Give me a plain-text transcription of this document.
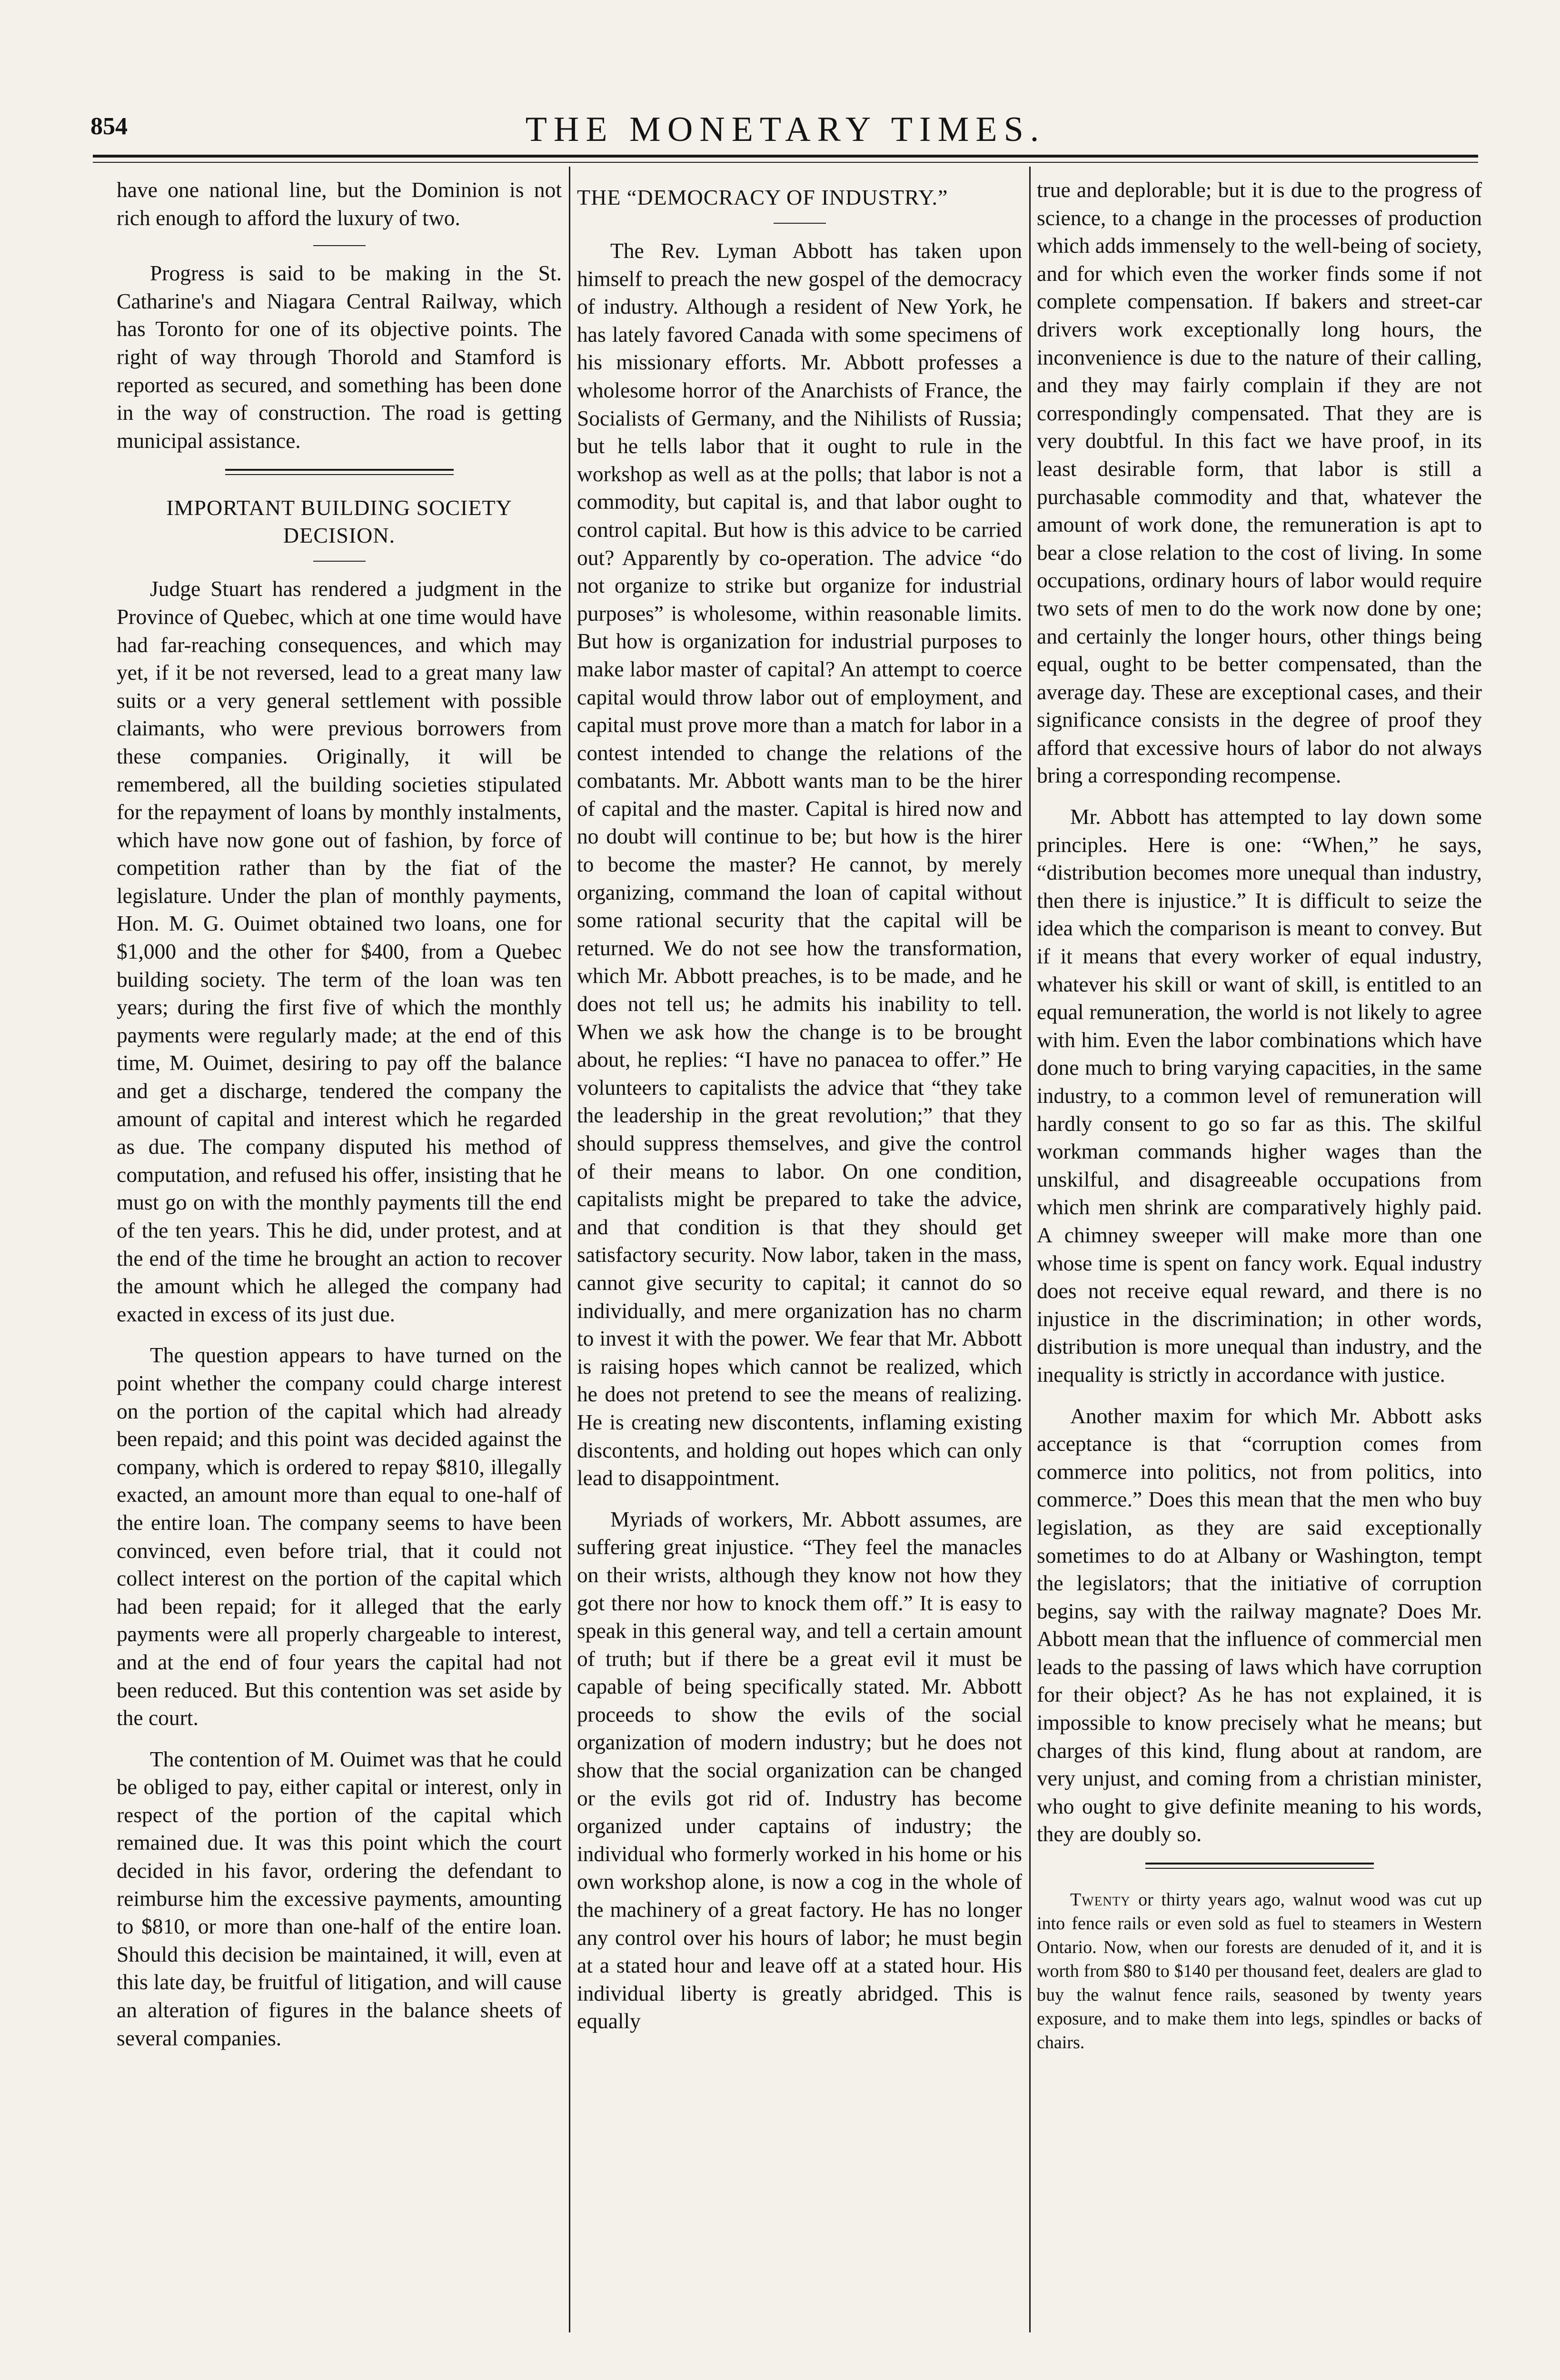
854	THE MONETARY TIMES.

have one national line, but the Dominion is not rich enough to afford the luxury of two.

Progress is said to be making in the St. Catharine's and Niagara Central Railway, which has Toronto for one of its objective points. The right of way through Thorold and Stamford is reported as secured, and something has been done in the way of construction. The road is getting municipal assistance.

IMPORTANT BUILDING SOCIETY DECISION.

Judge Stuart has rendered a judgment in the Province of Quebec, which at one time would have had far-reaching consequences, and which may yet, if it be not reversed, lead to a great many law suits or a very general settlement with possible claimants, who were previous borrowers from these companies. Originally, it will be remembered, all the building societies stipulated for the repayment of loans by monthly instalments, which have now gone out of fashion, by force of competition rather than by the fiat of the legislature. Under the plan of monthly payments, Hon. M. G. Ouimet obtained two loans, one for $1,000 and the other for $400, from a Quebec building society. The term of the loan was ten years; during the first five of which the monthly payments were regularly made; at the end of this time, M. Ouimet, desiring to pay off the balance and get a discharge, tendered the company the amount of capital and interest which he regarded as due. The company disputed his method of computation, and refused his offer, insisting that he must go on with the monthly payments till the end of the ten years. This he did, under protest, and at the end of the time he brought an action to recover the amount which he alleged the company had exacted in excess of its just due.

The question appears to have turned on the point whether the company could charge interest on the portion of the capital which had already been repaid; and this point was decided against the company, which is ordered to repay $810, illegally exacted, an amount more than equal to one-half of the entire loan. The company seems to have been convinced, even before trial, that it could not collect interest on the portion of the capital which had been repaid; for it alleged that the early payments were all properly chargeable to interest, and at the end of four years the capital had not been reduced. But this contention was set aside by the court.

The contention of M. Ouimet was that he could be obliged to pay, either capital or interest, only in respect of the portion of the capital which remained due. It was this point which the court decided in his favor, ordering the defendant to reimburse him the excessive payments, amounting to $810, or more than one-half of the entire loan. Should this decision be maintained, it will, even at this late day, be fruitful of litigation, and will cause an alteration of figures in the balance sheets of several companies.

THE “DEMOCRACY OF INDUSTRY.”

The Rev. Lyman Abbott has taken upon himself to preach the new gospel of the democracy of industry. Although a resident of New York, he has lately favored Canada with some specimens of his missionary efforts. Mr. Abbott professes a wholesome horror of the Anarchists of France, the Socialists of Germany, and the Nihilists of Russia; but he tells labor that it ought to rule in the workshop as well as at the polls; that labor is not a commodity, but capital is, and that labor ought to control capital. But how is this advice to be carried out? Apparently by co-operation. The advice “do not organize to strike but organize for industrial purposes” is wholesome, within reasonable limits. But how is organization for industrial purposes to make labor master of capital? An attempt to coerce capital would throw labor out of employment, and capital must prove more than a match for labor in a contest intended to change the relations of the combatants. Mr. Abbott wants man to be the hirer of capital and the master. Capital is hired now and no doubt will continue to be; but how is the hirer to become the master? He cannot, by merely organizing, command the loan of capital without some rational security that the capital will be returned. We do not see how the transformation, which Mr. Abbott preaches, is to be made, and he does not tell us; he admits his inability to tell. When we ask how the change is to be brought about, he replies: “I have no panacea to offer.” He volunteers to capitalists the advice that “they take the leadership in the great revolution;” that they should suppress themselves, and give the control of their means to labor. On one condition, capitalists might be prepared to take the advice, and that condition is that they should get satisfactory security. Now labor, taken in the mass, cannot give security to capital; it cannot do so individually, and mere organization has no charm to invest it with the power. We fear that Mr. Abbott is raising hopes which cannot be realized, which he does not pretend to see the means of realizing. He is creating new discontents, inflaming existing discontents, and holding out hopes which can only lead to disappointment.

Myriads of workers, Mr. Abbott assumes, are suffering great injustice. “They feel the manacles on their wrists, although they know not how they got there nor how to knock them off.” It is easy to speak in this general way, and tell a certain amount of truth; but if there be a great evil it must be capable of being specifically stated. Mr. Abbott proceeds to show the evils of the social organization of modern industry; but he does not show that the social organization can be changed or the evils got rid of. Industry has become organized under captains of industry; the individual who formerly worked in his home or his own workshop alone, is now a cog in the whole of the machinery of a great factory. He has no longer any control over his hours of labor; he must begin at a stated hour and leave off at a stated hour. His individual liberty is greatly abridged. This is equally

true and deplorable; but it is due to the progress of science, to a change in the processes of production which adds immensely to the well-being of society, and for which even the worker finds some if not complete compensation. If bakers and street-car drivers work exceptionally long hours, the inconvenience is due to the nature of their calling, and they may fairly complain if they are not correspondingly compensated. That they are is very doubtful. In this fact we have proof, in its least desirable form, that labor is still a purchasable commodity and that, whatever the amount of work done, the remuneration is apt to bear a close relation to the cost of living. In some occupations, ordinary hours of labor would require two sets of men to do the work now done by one; and certainly the longer hours, other things being equal, ought to be better compensated, than the average day. These are exceptional cases, and their significance consists in the degree of proof they afford that excessive hours of labor do not always bring a corresponding recompense.

Mr. Abbott has attempted to lay down some principles. Here is one: “When,” he says, “distribution becomes more unequal than industry, then there is injustice.” It is difficult to seize the idea which the comparison is meant to convey. But if it means that every worker of equal industry, whatever his skill or want of skill, is entitled to an equal remuneration, the world is not likely to agree with him. Even the labor combinations which have done much to bring varying capacities, in the same industry, to a common level of remuneration will hardly consent to go so far as this. The skilful workman commands higher wages than the unskilful, and disagreeable occupations from which men shrink are comparatively highly paid. A chimney sweeper will make more than one whose time is spent on fancy work. Equal industry does not receive equal reward, and there is no injustice in the discrimination; in other words, distribution is more unequal than industry, and the inequality is strictly in accordance with justice.

Another maxim for which Mr. Abbott asks acceptance is that “corruption comes from commerce into politics, not from politics, into commerce.” Does this mean that the men who buy legislation, as they are said exceptionally sometimes to do at Albany or Washington, tempt the legislators; that the initiative of corruption begins, say with the railway magnate? Does Mr. Abbott mean that the influence of commercial men leads to the passing of laws which have corruption for their object? As he has not explained, it is impossible to know precisely what he means; but charges of this kind, flung about at random, are very unjust, and coming from a christian minister, who ought to give definite meaning to his words, they are doubly so.

Twenty or thirty years ago, walnut wood was cut up into fence rails or even sold as fuel to steamers in Western Ontario. Now, when our forests are denuded of it, and it is worth from $80 to $140 per thousand feet, dealers are glad to buy the walnut fence rails, seasoned by twenty years exposure, and to make them into legs, spindles or backs of chairs.
